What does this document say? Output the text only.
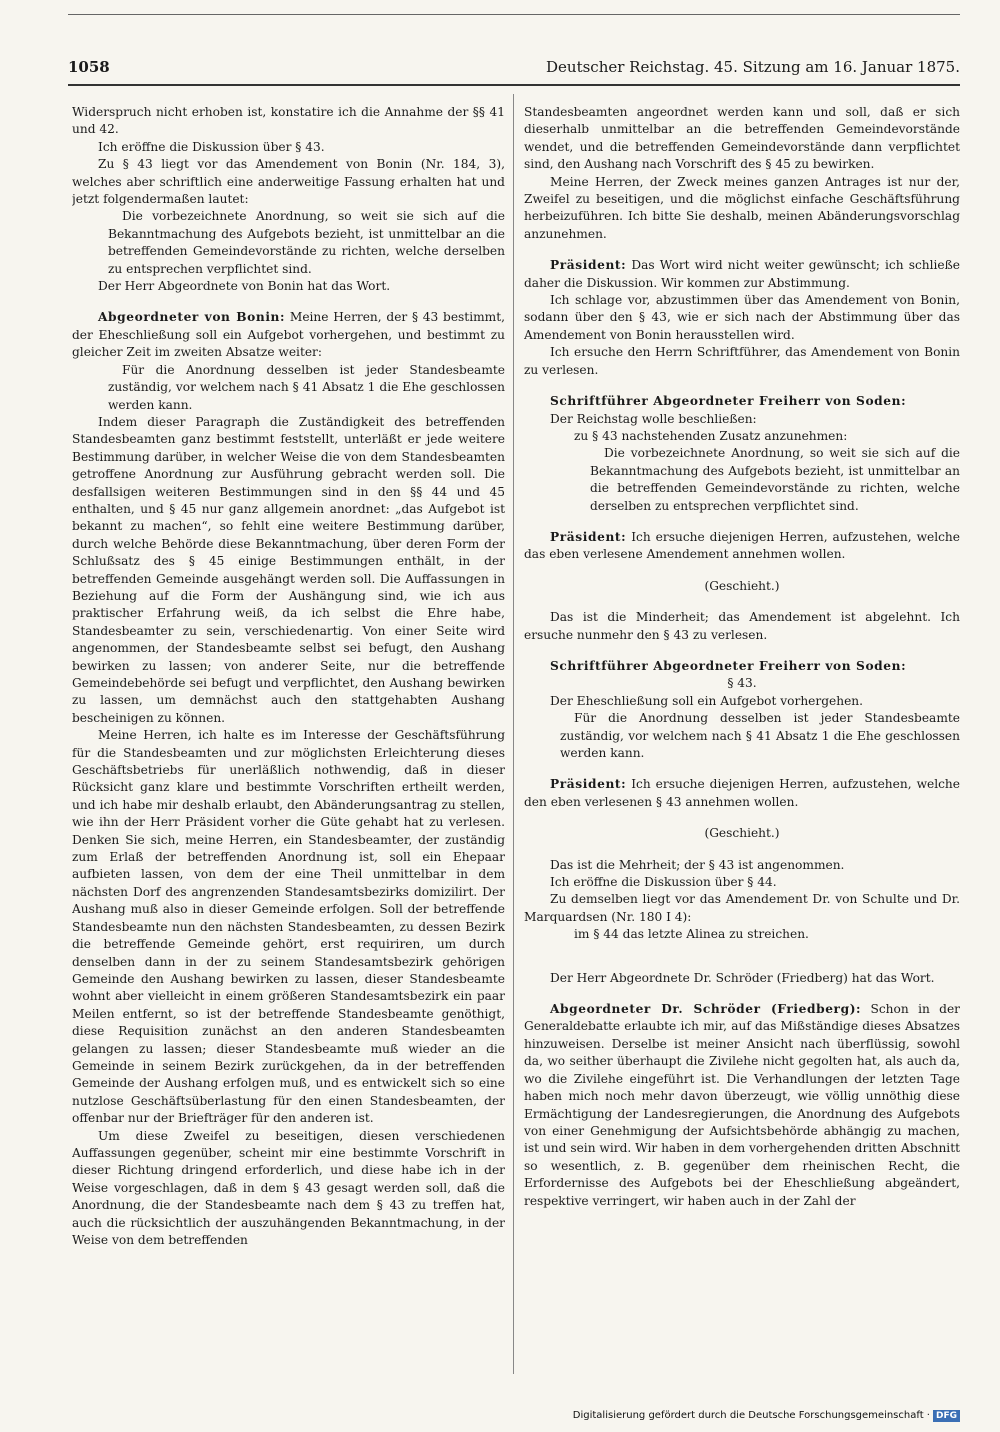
1058	Deutscher Reichstag. 45. Sitzung am 16. Januar 1875.

Widerspruch nicht erhoben ist, konstatire ich die Annahme der §§ 41 und 42.

Ich eröffne die Diskussion über § 43.

Zu § 43 liegt vor das Amendement von Bonin (Nr. 184, 3), welches aber schriftlich eine anderweitige Fassung erhalten hat und jetzt folgendermaßen lautet:

Die vorbezeichnete Anordnung, so weit sie sich auf die Bekanntmachung des Aufgebots bezieht, ist unmittelbar an die betreffenden Gemeindevorstände zu richten, welche derselben zu entsprechen verpflichtet sind.

Der Herr Abgeordnete von Bonin hat das Wort.

Abgeordneter von Bonin: Meine Herren, der § 43 bestimmt, der Eheschließung soll ein Aufgebot vorhergehen, und bestimmt zu gleicher Zeit im zweiten Absatze weiter:

Für die Anordnung desselben ist jeder Standesbeamte zuständig, vor welchem nach § 41 Absatz 1 die Ehe geschlossen werden kann.

Indem dieser Paragraph die Zuständigkeit des betreffenden Standesbeamten ganz bestimmt feststellt, unterläßt er jede weitere Bestimmung darüber, in welcher Weise die von dem Standesbeamten getroffene Anordnung zur Ausführung gebracht werden soll. Die desfallsigen weiteren Bestimmungen sind in den §§ 44 und 45 enthalten, und § 45 nur ganz allgemein anordnet: „das Aufgebot ist bekannt zu machen“, so fehlt eine weitere Bestimmung darüber, durch welche Behörde diese Bekanntmachung, über deren Form der Schlußsatz des § 45 einige Bestimmungen enthält, in der betreffenden Gemeinde ausgehängt werden soll. Die Auffassungen in Beziehung auf die Form der Aushängung sind, wie ich aus praktischer Erfahrung weiß, da ich selbst die Ehre habe, Standesbeamter zu sein, verschiedenartig. Von einer Seite wird angenommen, der Standesbeamte selbst sei befugt, den Aushang bewirken zu lassen; von anderer Seite, nur die betreffende Gemeindebehörde sei befugt und verpflichtet, den Aushang bewirken zu lassen, um demnächst auch den stattgehabten Aushang bescheinigen zu können.

Meine Herren, ich halte es im Interesse der Geschäftsführung für die Standesbeamten und zur möglichsten Erleichterung dieses Geschäftsbetriebs für unerläßlich nothwendig, daß in dieser Rücksicht ganz klare und bestimmte Vorschriften ertheilt werden, und ich habe mir deshalb erlaubt, den Abänderungsantrag zu stellen, wie ihn der Herr Präsident vorher die Güte gehabt hat zu verlesen. Denken Sie sich, meine Herren, ein Standesbeamter, der zuständig zum Erlaß der betreffenden Anordnung ist, soll ein Ehepaar aufbieten lassen, von dem der eine Theil unmittelbar in dem nächsten Dorf des angrenzenden Standesamtsbezirks domizilirt. Der Aushang muß also in dieser Gemeinde erfolgen. Soll der betreffende Standesbeamte nun den nächsten Standesbeamten, zu dessen Bezirk die betreffende Gemeinde gehört, erst requiriren, um durch denselben dann in der zu seinem Standesamtsbezirk gehörigen Gemeinde den Aushang bewirken zu lassen, dieser Standesbeamte wohnt aber vielleicht in einem größeren Standesamtsbezirk ein paar Meilen entfernt, so ist der betreffende Standesbeamte genöthigt, diese Requisition zunächst an den anderen Standesbeamten gelangen zu lassen; dieser Standesbeamte muß wieder an die Gemeinde in seinem Bezirk zurückgehen, da in der betreffenden Gemeinde der Aushang erfolgen muß, und es entwickelt sich so eine nutzlose Geschäftsüberlastung für den einen Standesbeamten, der offenbar nur der Briefträger für den anderen ist.

Um diese Zweifel zu beseitigen, diesen verschiedenen Auffassungen gegenüber, scheint mir eine bestimmte Vorschrift in dieser Richtung dringend erforderlich, und diese habe ich in der Weise vorgeschlagen, daß in dem § 43 gesagt werden soll, daß die Anordnung, die der Standesbeamte nach dem § 43 zu treffen hat, auch die rücksichtlich der auszuhängenden Bekanntmachung, in der Weise von dem betreffenden

Standesbeamten angeordnet werden kann und soll, daß er sich dieserhalb unmittelbar an die betreffenden Gemeindevorstände wendet, und die betreffenden Gemeindevorstände dann verpflichtet sind, den Aushang nach Vorschrift des § 45 zu bewirken.

Meine Herren, der Zweck meines ganzen Antrages ist nur der, Zweifel zu beseitigen, und die möglichst einfache Geschäftsführung herbeizuführen. Ich bitte Sie deshalb, meinen Abänderungsvorschlag anzunehmen.

Präsident: Das Wort wird nicht weiter gewünscht; ich schließe daher die Diskussion. Wir kommen zur Abstimmung.

Ich schlage vor, abzustimmen über das Amendement von Bonin, sodann über den § 43, wie er sich nach der Abstimmung über das Amendement von Bonin herausstellen wird.

Ich ersuche den Herrn Schriftführer, das Amendement von Bonin zu verlesen.

Schriftführer Abgeordneter Freiherr von Soden:

Der Reichstag wolle beschließen:

zu § 43 nachstehenden Zusatz anzunehmen:

Die vorbezeichnete Anordnung, so weit sie sich auf die Bekanntmachung des Aufgebots bezieht, ist unmittelbar an die betreffenden Gemeindevorstände zu richten, welche derselben zu entsprechen verpflichtet sind.

Präsident: Ich ersuche diejenigen Herren, aufzustehen, welche das eben verlesene Amendement annehmen wollen.

(Geschieht.)

Das ist die Minderheit; das Amendement ist abgelehnt. Ich ersuche nunmehr den § 43 zu verlesen.

Schriftführer Abgeordneter Freiherr von Soden:

§ 43.

Der Eheschließung soll ein Aufgebot vorhergehen.

Für die Anordnung desselben ist jeder Standesbeamte zuständig, vor welchem nach § 41 Absatz 1 die Ehe geschlossen werden kann.

Präsident: Ich ersuche diejenigen Herren, aufzustehen, welche den eben verlesenen § 43 annehmen wollen.

(Geschieht.)

Das ist die Mehrheit; der § 43 ist angenommen.

Ich eröffne die Diskussion über § 44.

Zu demselben liegt vor das Amendement Dr. von Schulte und Dr. Marquardsen (Nr. 180 I 4):

im § 44 das letzte Alinea zu streichen.

Der Herr Abgeordnete Dr. Schröder (Friedberg) hat das Wort.

Abgeordneter Dr. Schröder (Friedberg): Schon in der Generaldebatte erlaubte ich mir, auf das Mißständige dieses Absatzes hinzuweisen. Derselbe ist meiner Ansicht nach überflüssig, sowohl da, wo seither überhaupt die Zivilehe nicht gegolten hat, als auch da, wo die Zivilehe eingeführt ist. Die Verhandlungen der letzten Tage haben mich noch mehr davon überzeugt, wie völlig unnöthig diese Ermächtigung der Landesregierungen, die Anordnung des Aufgebots von einer Genehmigung der Aufsichtsbehörde abhängig zu machen, ist und sein wird. Wir haben in dem vorhergehenden dritten Abschnitt so wesentlich, z. B. gegenüber dem rheinischen Recht, die Erfordernisse des Aufgebots bei der Eheschließung abgeändert, respektive verringert, wir haben auch in der Zahl der

Digitalisierung gefördert durch die Deutsche Forschungsgemeinschaft · DFG
